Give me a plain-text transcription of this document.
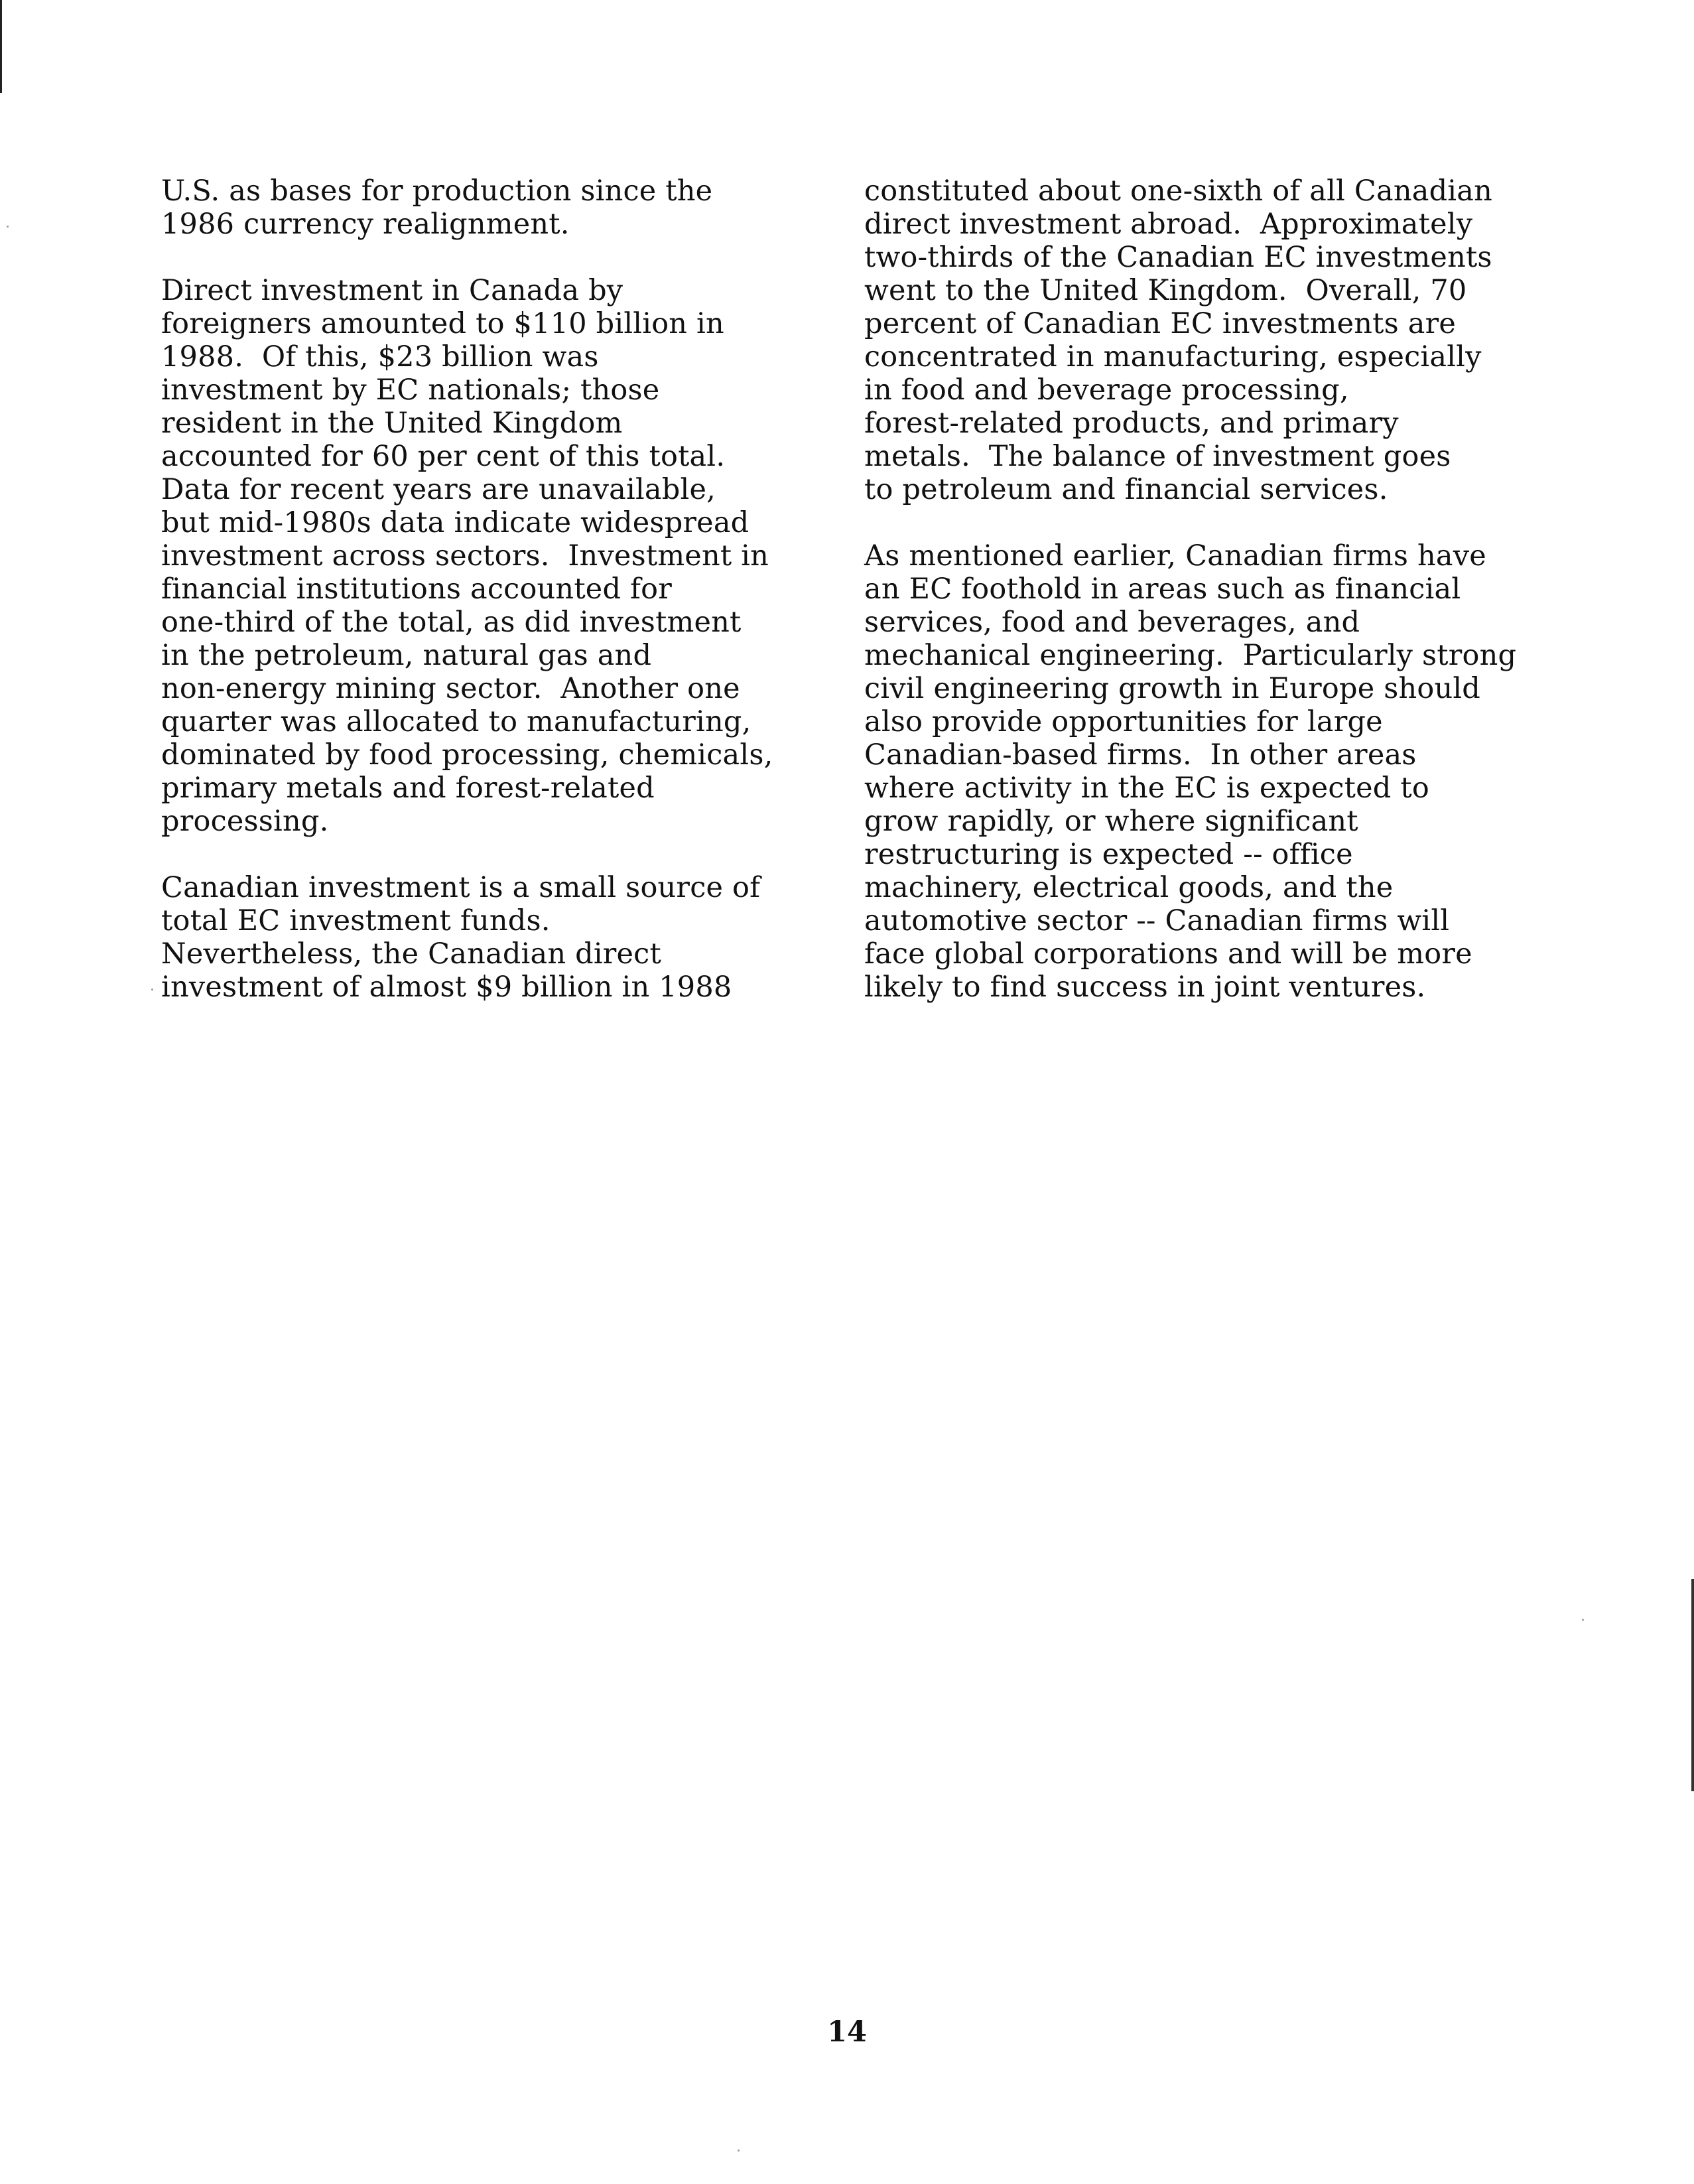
U.S. as bases for production since the
1986 currency realignment.

Direct investment in Canada by
foreigners amounted to $110 billion in
1988.  Of this, $23 billion was
investment by EC nationals; those
resident in the United Kingdom
accounted for 60 per cent of this total.
Data for recent years are unavailable,
but mid-1980s data indicate widespread
investment across sectors.  Investment in
financial institutions accounted for
one-third of the total, as did investment
in the petroleum, natural gas and
non-energy mining sector.  Another one
quarter was allocated to manufacturing,
dominated by food processing, chemicals,
primary metals and forest-related
processing.

Canadian investment is a small source of
total EC investment funds.
Nevertheless, the Canadian direct
investment of almost $9 billion in 1988

constituted about one-sixth of all Canadian
direct investment abroad.  Approximately
two-thirds of the Canadian EC investments
went to the United Kingdom.  Overall, 70
percent of Canadian EC investments are
concentrated in manufacturing, especially
in food and beverage processing,
forest-related products, and primary
metals.  The balance of investment goes
to petroleum and financial services.

As mentioned earlier, Canadian firms have
an EC foothold in areas such as financial
services, food and beverages, and
mechanical engineering.  Particularly strong
civil engineering growth in Europe should
also provide opportunities for large
Canadian-based firms.  In other areas
where activity in the EC is expected to
grow rapidly, or where significant
restructuring is expected -- office
machinery, electrical goods, and the
automotive sector -- Canadian firms will
face global corporations and will be more
likely to find success in joint ventures.

14
